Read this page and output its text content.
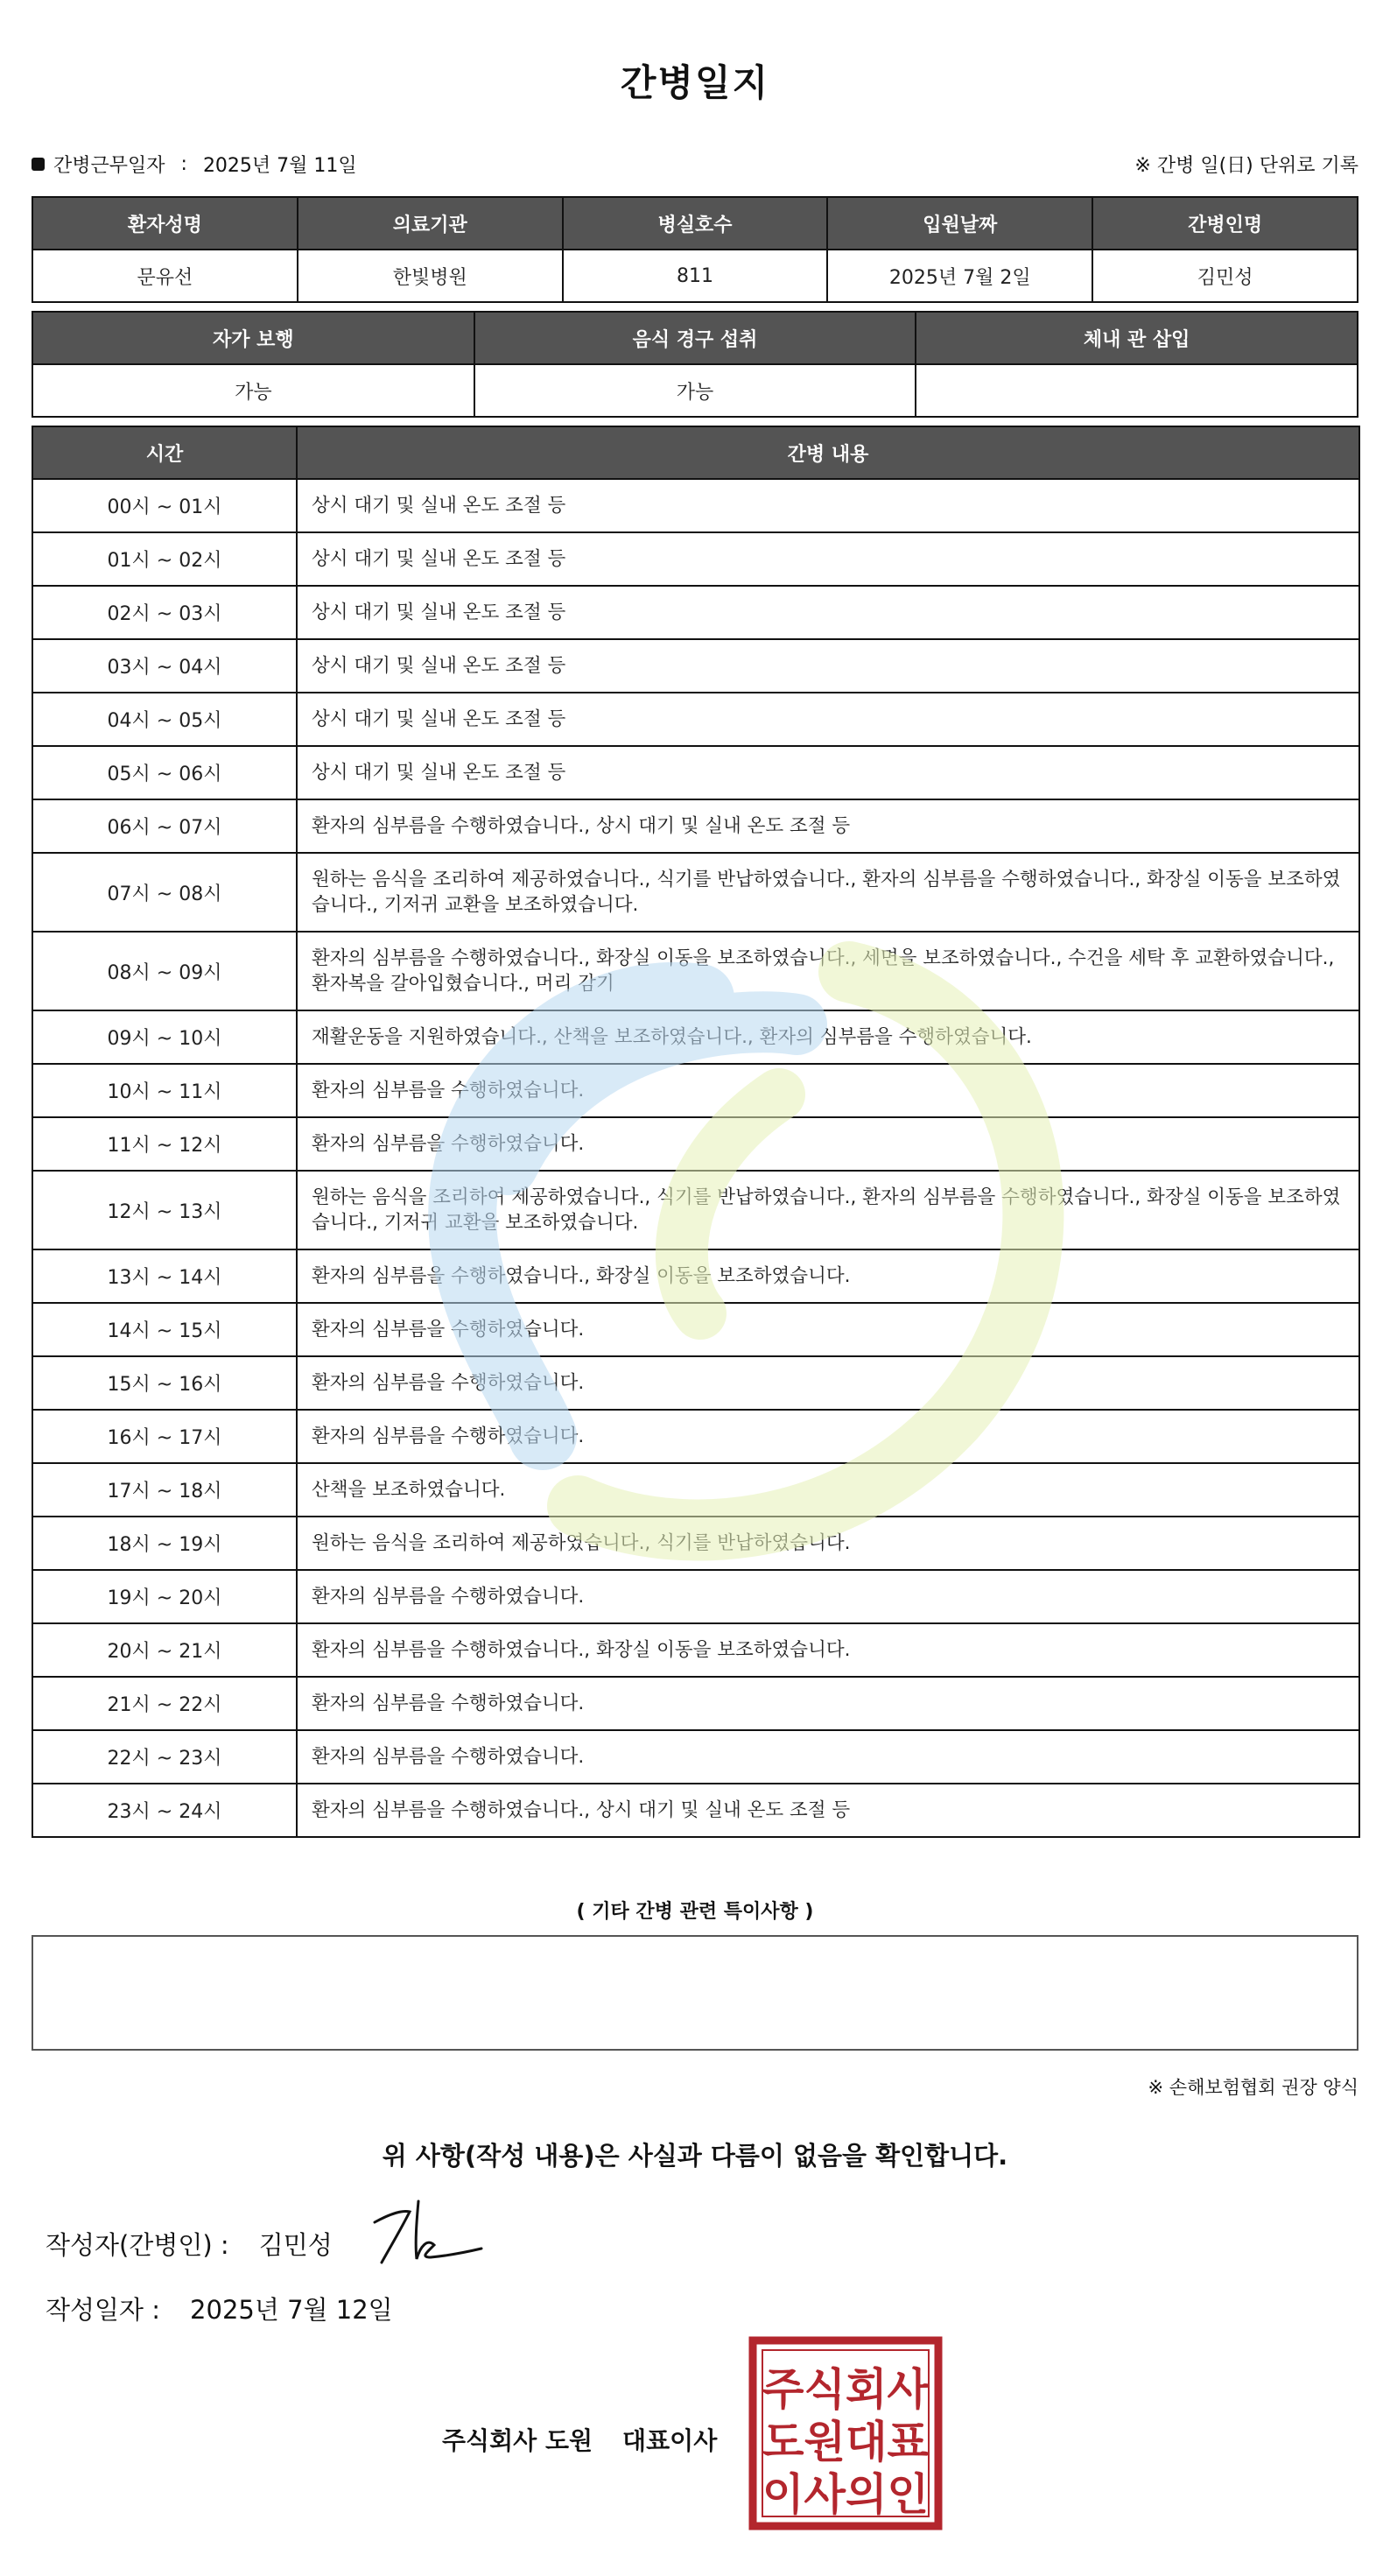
간병일지
간병근무일자 : 2025년 7월 11일	※ 간병 일(日) 단위로 기록
환자성명	의료기관	병실호수	입원날짜	간병인명
문유선	한빛병원	811	2025년 7월 2일	김민성
자가 보행	음식 경구 섭취	체내 관 삽입
가능	가능	
시간	간병 내용
00시 ~ 01시	상시 대기 및 실내 온도 조절 등
01시 ~ 02시	상시 대기 및 실내 온도 조절 등
02시 ~ 03시	상시 대기 및 실내 온도 조절 등
03시 ~ 04시	상시 대기 및 실내 온도 조절 등
04시 ~ 05시	상시 대기 및 실내 온도 조절 등
05시 ~ 06시	상시 대기 및 실내 온도 조절 등
06시 ~ 07시	환자의 심부름을 수행하였습니다., 상시 대기 및 실내 온도 조절 등
07시 ~ 08시	원하는 음식을 조리하여 제공하였습니다., 식기를 반납하였습니다., 환자의 심부름을 수행하였습니다., 화장실 이동을 보조하였습니다., 기저귀 교환을 보조하였습니다.
08시 ~ 09시	환자의 심부름을 수행하였습니다., 화장실 이동을 보조하였습니다., 세면을 보조하였습니다., 수건을 세탁 후 교환하였습니다., 환자복을 갈아입혔습니다., 머리 감기
09시 ~ 10시	재활운동을 지원하였습니다., 산책을 보조하였습니다., 환자의 심부름을 수행하였습니다.
10시 ~ 11시	환자의 심부름을 수행하였습니다.
11시 ~ 12시	환자의 심부름을 수행하였습니다.
12시 ~ 13시	원하는 음식을 조리하여 제공하였습니다., 식기를 반납하였습니다., 환자의 심부름을 수행하였습니다., 화장실 이동을 보조하였습니다., 기저귀 교환을 보조하였습니다.
13시 ~ 14시	환자의 심부름을 수행하였습니다., 화장실 이동을 보조하였습니다.
14시 ~ 15시	환자의 심부름을 수행하였습니다.
15시 ~ 16시	환자의 심부름을 수행하였습니다.
16시 ~ 17시	환자의 심부름을 수행하였습니다.
17시 ~ 18시	산책을 보조하였습니다.
18시 ~ 19시	원하는 음식을 조리하여 제공하였습니다., 식기를 반납하였습니다.
19시 ~ 20시	환자의 심부름을 수행하였습니다.
20시 ~ 21시	환자의 심부름을 수행하였습니다., 화장실 이동을 보조하였습니다.
21시 ~ 22시	환자의 심부름을 수행하였습니다.
22시 ~ 23시	환자의 심부름을 수행하였습니다.
23시 ~ 24시	환자의 심부름을 수행하였습니다., 상시 대기 및 실내 온도 조절 등
( 기타 간병 관련 특이사항 )
※ 손해보험협회 권장 양식
위 사항(작성 내용)은 사실과 다름이 없음을 확인합니다.
작성자(간병인) : 김민성
작성일자 : 2025년 7월 12일
주식회사 도원 대표이사
주식회사
도원대표
이사의인
